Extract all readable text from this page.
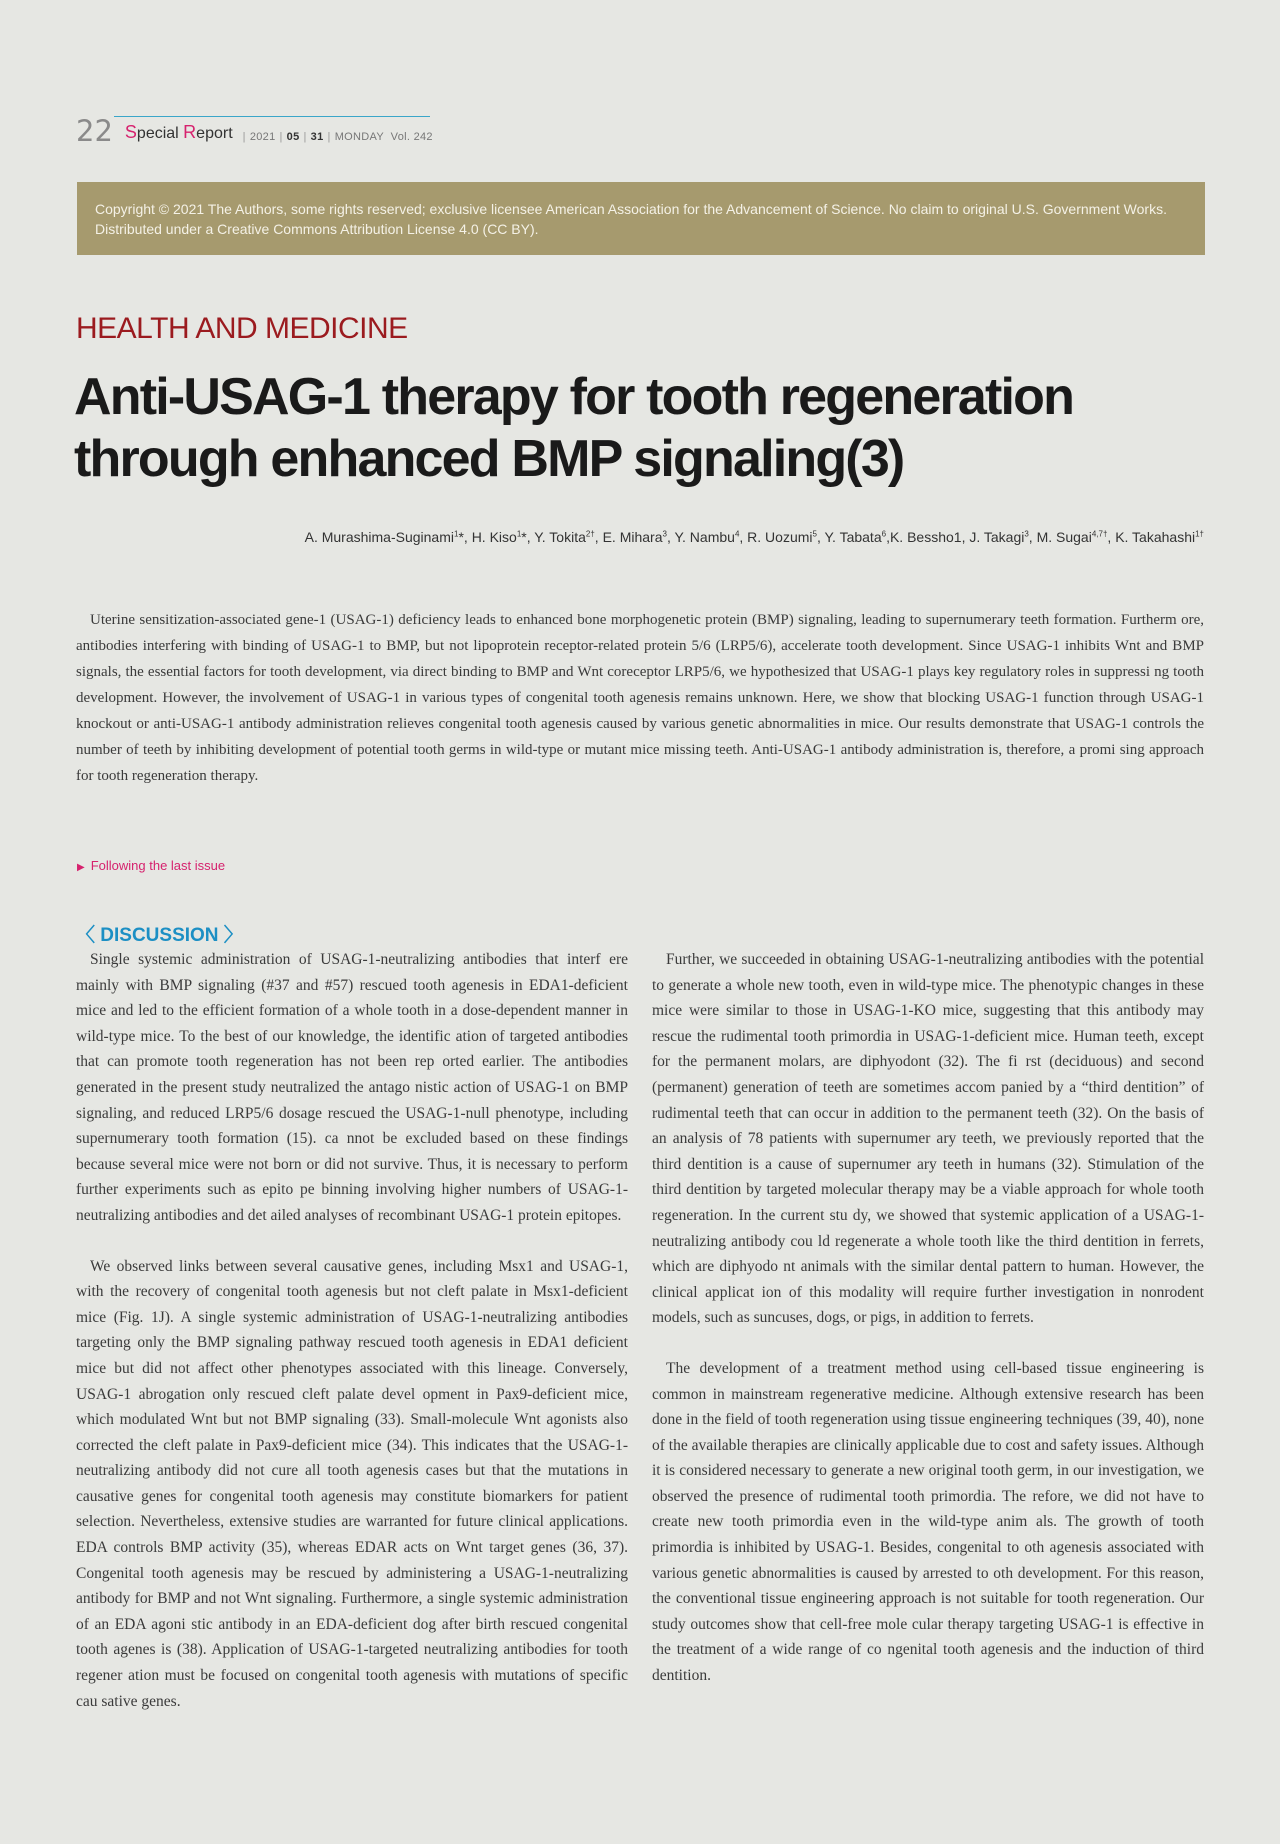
22 Special Report | 2021 | 05 | 31 | MONDAY Vol. 242
Copyright © 2021 The Authors, some rights reserved; exclusive licensee American Association for the Advancement of Science. No claim to original U.S. Government Works. Distributed under a Creative Commons Attribution License 4.0 (CC BY).
HEALTH AND MEDICINE
Anti-USAG-1 therapy for tooth regeneration through enhanced BMP signaling(3)
A. Murashima-Suginami$^1$*, H. Kiso$^1$*, Y. Tokita$^{2\dagger}$, E. Mihara$^3$, Y. Nambu$^4$, R. Uozumi$^5$, Y. Tabata$^6$,K. Bessho1, J. Takagi$^3$, M. Sugai$^{4,7\dagger}$, K. Takahashi$^{1\dagger}$

Uterine sensitization-associated gene-1 (USAG-1) deficiency leads to enhanced bone morphogenetic protein (BMP) signaling, leading to supernumerary teeth formation. Furtherm ore, antibodies interfering with binding of USAG-1 to BMP, but not lipoprotein receptor-related protein 5/6 (LRP5/6), accelerate tooth development. Since USAG-1 inhibits Wnt and BMP signals, the essential factors for tooth development, via direct binding to BMP and Wnt coreceptor LRP5/6, we hypothesized that USAG-1 plays key regulatory roles in suppressi ng tooth development. However, the involvement of USAG-1 in various types of congenital tooth agenesis remains unknown. Here, we show that blocking USAG-1 function through USAG-1 knockout or anti-USAG-1 antibody administration relieves congenital tooth agenesis caused by various genetic abnormalities in mice. Our results demonstrate that USAG-1 controls the number of teeth by inhibiting development of potential tooth germs in wild-type or mutant mice missing teeth. Anti-USAG-1 antibody administration is, therefore, a promi sing approach for tooth regeneration therapy.

▶ Following the last issue
〈 DISCUSSION 〉

Single systemic administration of USAG-1-neutralizing antibodies that interf ere mainly with BMP signaling (#37 and #57) rescued tooth agenesis in EDA1-deficient mice and led to the efficient formation of a whole tooth in a dose-dependent manner in wild-type mice. To the best of our knowledge, the identific ation of targeted antibodies that can promote tooth regeneration has not been rep orted earlier. The antibodies generated in the present study neutralized the antago nistic action of USAG-1 on BMP signaling, and reduced LRP5/6 dosage rescued the USAG-1-null phenotype, including supernumerary tooth formation (15). ca nnot be excluded based on these findings because several mice were not born or did not survive. Thus, it is necessary to perform further experiments such as epito pe binning involving higher numbers of USAG-1-neutralizing antibodies and det ailed analyses of recombinant USAG-1 protein epitopes.

We observed links between several causative genes, including Msx1 and USAG-1, with the recovery of congenital tooth agenesis but not cleft palate in Msx1-deficient mice (Fig. 1J). A single systemic administration of USAG-1-neutralizing antibodies targeting only the BMP signaling pathway rescued tooth agenesis in EDA1 deficient mice but did not affect other phenotypes associated with this lineage. Conversely, USAG-1 abrogation only rescued cleft palate devel opment in Pax9-deficient mice, which modulated Wnt but not BMP signaling (33). Small-molecule Wnt agonists also corrected the cleft palate in Pax9-deficient mice (34). This indicates that the USAG-1-neutralizing antibody did not cure all tooth agenesis cases but that the mutations in causative genes for congenital tooth agenesis may constitute biomarkers for patient selection. Nevertheless, extensive studies are warranted for future clinical applications. EDA controls BMP activity (35), whereas EDAR acts on Wnt target genes (36, 37). Congenital tooth agenesis may be rescued by administering a USAG-1-neutralizing antibody for BMP and not Wnt signaling. Furthermore, a single systemic administration of an EDA agoni stic antibody in an EDA-deficient dog after birth rescued congenital tooth agenes is (38). Application of USAG-1-targeted neutralizing antibodies for tooth regener ation must be focused on congenital tooth agenesis with mutations of specific cau sative genes.

Further, we succeeded in obtaining USAG-1-neutralizing antibodies with the potential to generate a whole new tooth, even in wild-type mice. The phenotypic changes in these mice were similar to those in USAG-1-KO mice, suggesting that this antibody may rescue the rudimental tooth primordia in USAG-1-deficient mice. Human teeth, except for the permanent molars, are diphyodont (32). The fi rst (deciduous) and second (permanent) generation of teeth are sometimes accom panied by a “third dentition” of rudimental teeth that can occur in addition to the permanent teeth (32). On the basis of an analysis of 78 patients with supernumer ary teeth, we previously reported that the third dentition is a cause of supernumer ary teeth in humans (32). Stimulation of the third dentition by targeted molecular therapy may be a viable approach for whole tooth regeneration. In the current stu dy, we showed that systemic application of a USAG-1-neutralizing antibody cou ld regenerate a whole tooth like the third dentition in ferrets, which are diphyodo nt animals with the similar dental pattern to human. However, the clinical applicat ion of this modality will require further investigation in nonrodent models, such as suncuses, dogs, or pigs, in addition to ferrets.

The development of a treatment method using cell-based tissue engineering is common in mainstream regenerative medicine. Although extensive research has been done in the field of tooth regeneration using tissue engineering techniques (39, 40), none of the available therapies are clinically applicable due to cost and safety issues. Although it is considered necessary to generate a new original tooth germ, in our investigation, we observed the presence of rudimental tooth primordia. The refore, we did not have to create new tooth primordia even in the wild-type anim als. The growth of tooth primordia is inhibited by USAG-1. Besides, congenital to oth agenesis associated with various genetic abnormalities is caused by arrested to oth development. For this reason, the conventional tissue engineering approach is not suitable for tooth regeneration. Our study outcomes show that cell-free mole cular therapy targeting USAG-1 is effective in the treatment of a wide range of co ngenital tooth agenesis and the induction of third dentition.
